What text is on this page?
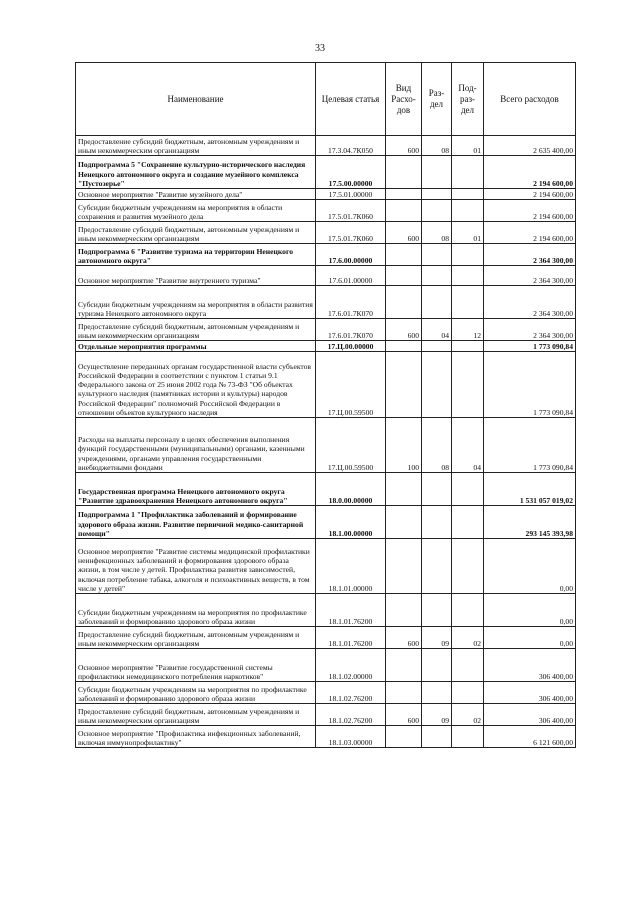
33
Наименование	Целевая статья	Вид Расхо-дов	Раз-дел	Под-раз-дел	Всего расходов
Предоставление субсидий бюджетным, автономным учреждениям и иным некоммерческим организациям	17.3.04.7К050	600	08	01	2 635 400,00
Подпрограмма 5 "Сохранение культурно-исторического наследия Ненецкого автономного округа и создание музейного комплекса "Пустозерье"	17.5.00.00000				2 194 600,00
Основное мероприятие "Развитие музейного дела"	17.5.01.00000				2 194 600,00
Субсидии бюджетным учреждениям на мероприятия в области сохранения и развития музейного дела	17.5.01.7К060				2 194 600,00
Предоставление субсидий бюджетным, автономным учреждениям и иным некоммерческим организациям	17.5.01.7К060	600	08	01	2 194 600,00
Подпрограмма 6 "Развитие туризма на территории Ненецкого автономного округа"	17.6.00.00000				2 364 300,00
Основное мероприятие "Развитие внутреннего туризма"	17.6.01.00000				2 364 300,00
Субсидии бюджетным учреждениям на мероприятия в области развития туризма Ненецкого автономного округа	17.6.01.7К070				2 364 300,00
Предоставление субсидий бюджетным, автономным учреждениям и иным некоммерческим организациям	17.6.01.7К070	600	04	12	2 364 300,00
Отдельные мероприятия программы	17.Ц.00.00000				1 773 090,84
Осуществление переданных органам государственной власти субъектов Российской Федерации в соответствии с пунктом 1 статьи 9.1 Федерального закона от 25 июня 2002 года № 73-ФЗ "Об объектах культурного наследия (памятниках истории и культуры) народов Российской Федерации" полномочий Российской Федерации в отношении объектов культурного наследия	17.Ц.00.59500				1 773 090,84
Расходы на выплаты персоналу в целях обеспечения выполнения функций государственными (муниципальными) органами, казенными учреждениями, органами управления государственными внебюджетными фондами	17.Ц.00.59500	100	08	04	1 773 090,84
Государственная программа Ненецкого автономного округа "Развитие здравоохранения Ненецкого автономного округа"	18.0.00.00000				1 531 057 019,02
Подпрограмма 1 "Профилактика заболеваний и формирование здорового образа жизни. Развитие первичной медико-санитарной помощи"	18.1.00.00000				293 145 393,98
Основное мероприятие "Развитие системы медицинской профилактики неинфекционных заболеваний и формирования здорового образа жизни, в том числе у детей. Профилактика развития зависимостей, включая потребление табака, алкоголя и психоактивных веществ, в том числе у детей"	18.1.01.00000				0,00
Субсидии бюджетным учреждениям на мероприятия по профилактике заболеваний и формированию здорового образа жизни	18.1.01.76200				0,00
Предоставление субсидий бюджетным, автономным учреждениям и иным некоммерческим организациям	18.1.01.76200	600	09	02	0,00
Основное мероприятие "Развитие государственной системы профилактики немедицинского потребления наркотиков"	18.1.02.00000				306 400,00
Субсидии бюджетным учреждениям на мероприятия по профилактике заболеваний и формированию здорового образа жизни	18.1.02.76200				306 400,00
Предоставление субсидий бюджетным, автономным учреждениям и иным некоммерческим организациям	18.1.02.76200	600	09	02	306 400,00
Основное мероприятие "Профилактика инфекционных заболеваний, включая иммунопрофилактику"	18.1.03.00000				6 121 600,00
